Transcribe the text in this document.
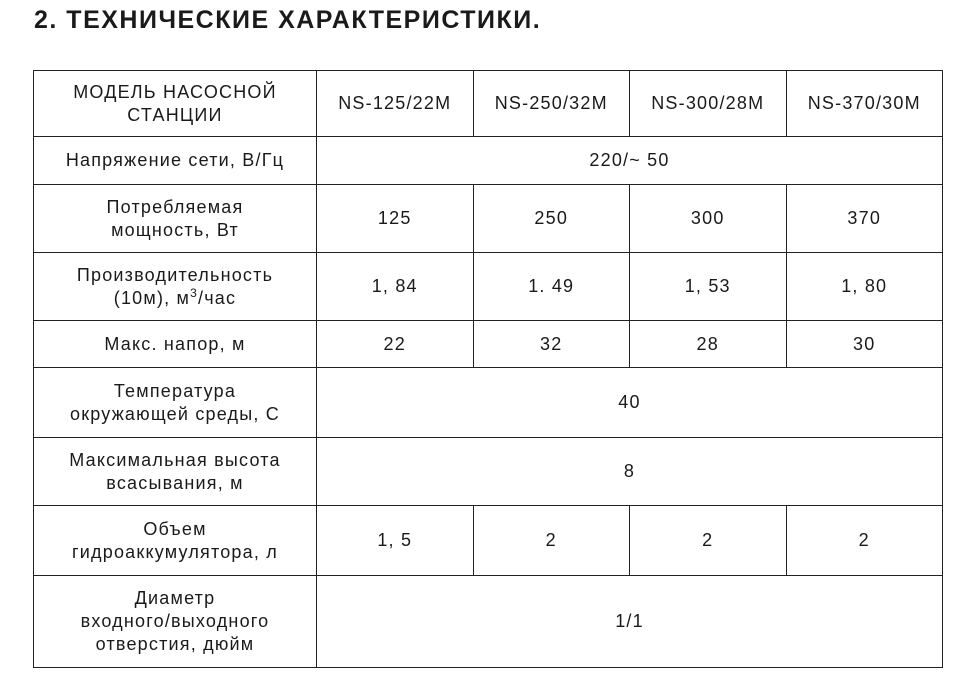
2. ТЕХНИЧЕСКИЕ ХАРАКТЕРИСТИКИ.
МОДЕЛЬ НАСОСНОЙ
СТАНЦИИ	NS-125/22M	NS-250/32M	NS-300/28M	NS-370/30M
Напряжение сети, В/Гц	220/~ 50			

Потребляемая
мощность, Вт	125	250	300	370

Производительность
(10м), $м^3$/час	1, 84	1. 49	1, 53	1, 80
Макс. напор, м	22	32	28	30

Температура
окружающей среды, С	40			

Максимальная высота
всасывания, м	8			

Объем
гидроаккумулятора, л	1, 5	2	2	2

Диаметр
входного/выходного
отверстия, дюйм	1/1			
